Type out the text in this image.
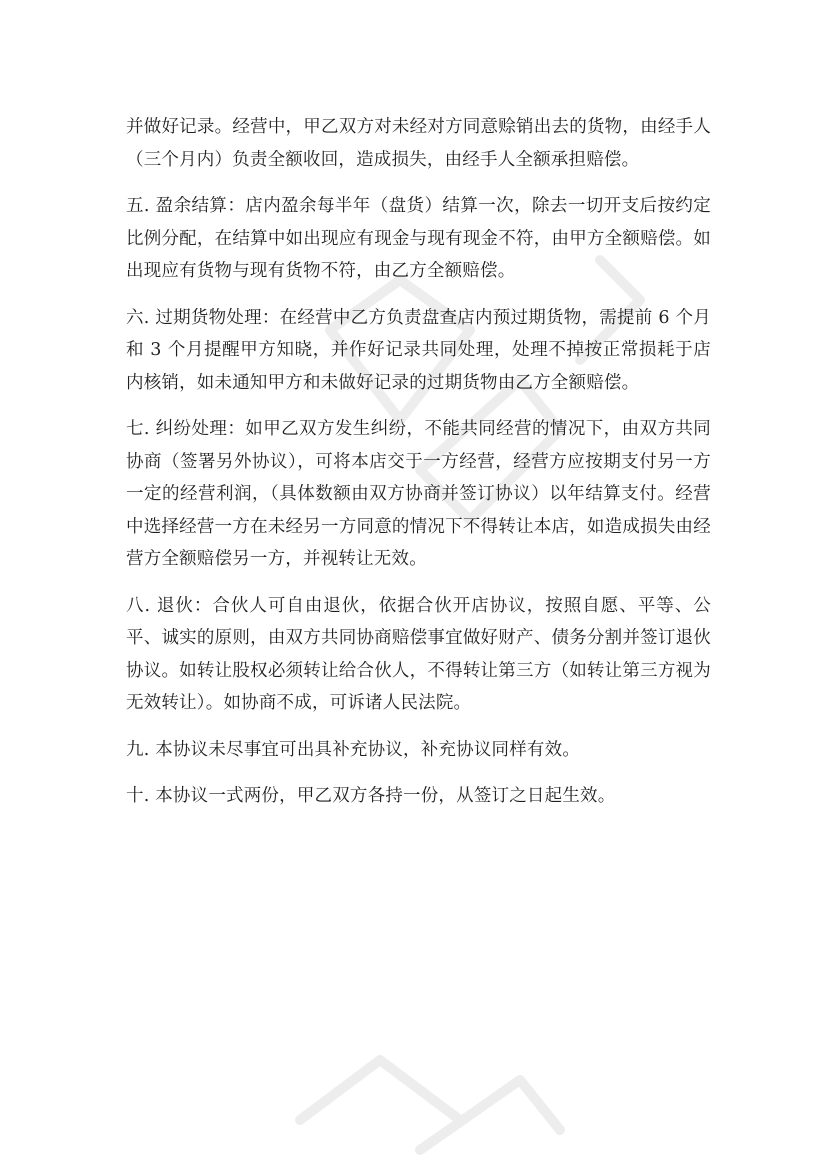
并做好记录。经营中，甲乙双方对未经对方同意赊销出去的货物，由经手人（三个月内）负责全额收回，造成损失，由经手人全额承担赔偿。

五. 盈余结算：店内盈余每半年（盘货）结算一次，除去一切开支后按约定比例分配，在结算中如出现应有现金与现有现金不符，由甲方全额赔偿。如出现应有货物与现有货物不符，由乙方全额赔偿。

六. 过期货物处理：在经营中乙方负责盘查店内预过期货物，需提前 6 个月和 3 个月提醒甲方知晓，并作好记录共同处理，处理不掉按正常损耗于店内核销，如未通知甲方和未做好记录的过期货物由乙方全额赔偿。

七. 纠纷处理：如甲乙双方发生纠纷，不能共同经营的情况下，由双方共同协商（签署另外协议），可将本店交于一方经营，经营方应按期支付另一方一定的经营利润，（具体数额由双方协商并签订协议）以年结算支付。经营中选择经营一方在未经另一方同意的情况下不得转让本店，如造成损失由经营方全额赔偿另一方，并视转让无效。

八. 退伙：合伙人可自由退伙，依据合伙开店协议，按照自愿、平等、公平、诚实的原则，由双方共同协商赔偿事宜做好财产、债务分割并签订退伙协议。如转让股权必须转让给合伙人，不得转让第三方（如转让第三方视为无效转让）。如协商不成，可诉诸人民法院。

九. 本协议未尽事宜可出具补充协议，补充协议同样有效。

十. 本协议一式两份，甲乙双方各持一份，从签订之日起生效。
